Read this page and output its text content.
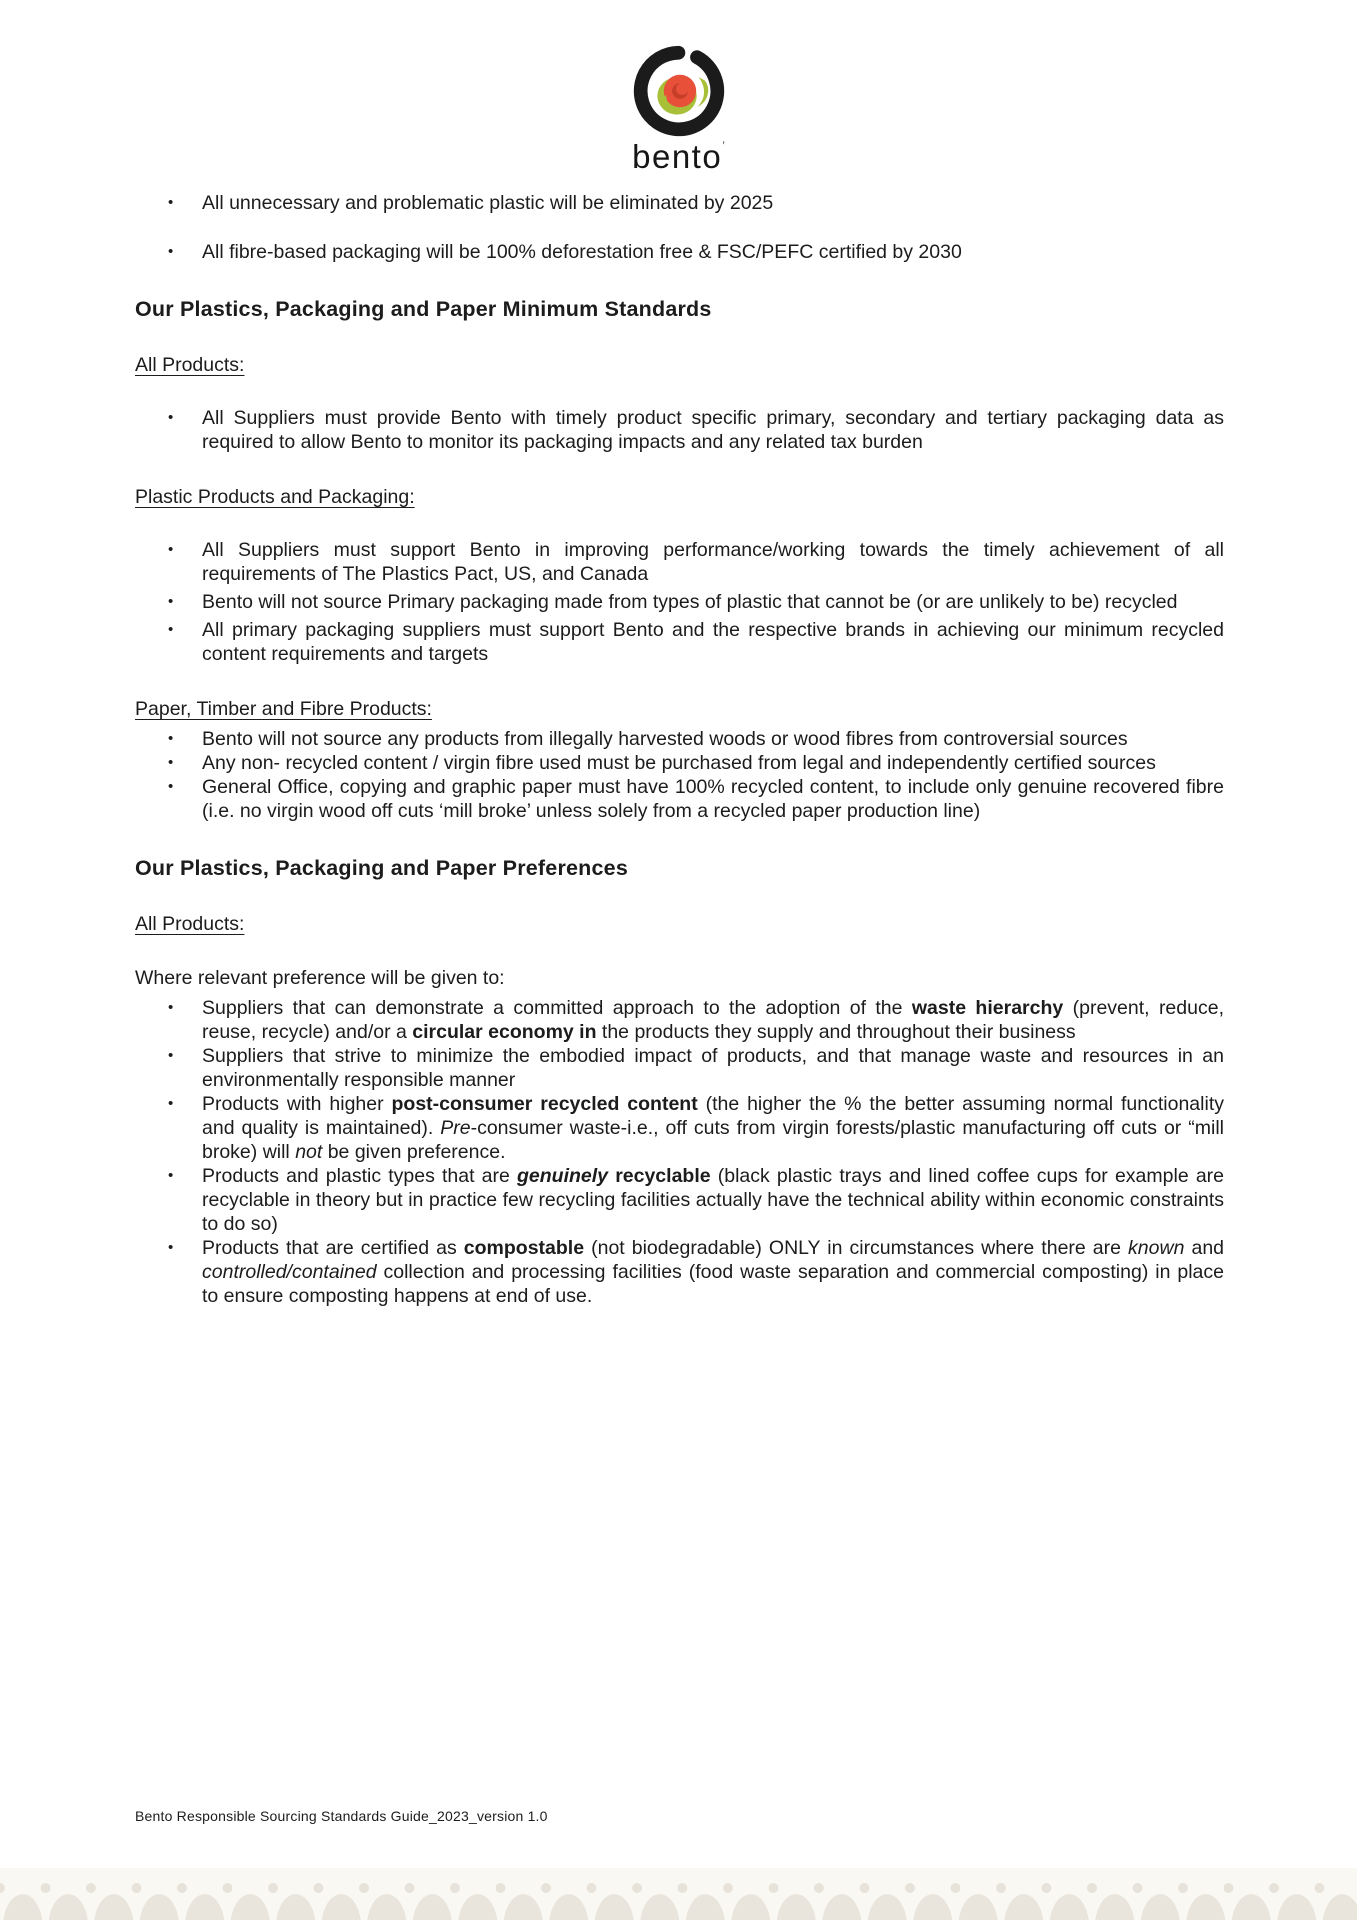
bento’
•	All unnecessary and problematic plastic will be eliminated by 2025

•	All fibre-based packaging will be 100% deforestation free & FSC/PEFC certified by 2030

Our Plastics, Packaging and Paper Minimum Standards
All Products:
•	All Suppliers must provide Bento with timely product specific primary, secondary and tertiary packaging data as required to allow Bento to monitor its packaging impacts and any related tax burden

Plastic Products and Packaging:
•	All Suppliers must support Bento in improving performance/working towards the timely achievement of all requirements of The Plastics Pact, US, and Canada

•	Bento will not source Primary packaging made from types of plastic that cannot be (or are unlikely to be) recycled

•	All primary packaging suppliers must support Bento and the respective brands in achieving our minimum recycled content requirements and targets

Paper, Timber and Fibre Products:
•	Bento will not source any products from illegally harvested woods or wood fibres from controversial sources

•	Any non- recycled content / virgin fibre used must be purchased from legal and independently certified sources

•	General Office, copying and graphic paper must have 100% recycled content, to include only genuine recovered fibre (i.e. no virgin wood off cuts ‘mill broke’ unless solely from a recycled paper production line)

Our Plastics, Packaging and Paper Preferences
All Products:
Where relevant preference will be given to:
•	Suppliers that can demonstrate a committed approach to the adoption of the waste hierarchy (prevent, reduce, reuse, recycle) and/or a circular economy in the products they supply and throughout their business

•	Suppliers that strive to minimize the embodied impact of products, and that manage waste and resources in an environmentally responsible manner

•	Products with higher post-consumer recycled content (the higher the % the better assuming normal functionality and quality is maintained). Pre-consumer waste-i.e., off cuts from virgin forests/plastic manufacturing off cuts or “mill broke) will not be given preference.

•	Products and plastic types that are genuinely recyclable (black plastic trays and lined coffee cups for example are recyclable in theory but in practice few recycling facilities actually have the technical ability within economic constraints to do so)

•	Products that are certified as compostable (not biodegradable) ONLY in circumstances where there are known and controlled/contained collection and processing facilities (food waste separation and commercial composting) in place to ensure composting happens at end of use.

Bento Responsible Sourcing Standards Guide_2023_version 1.0
